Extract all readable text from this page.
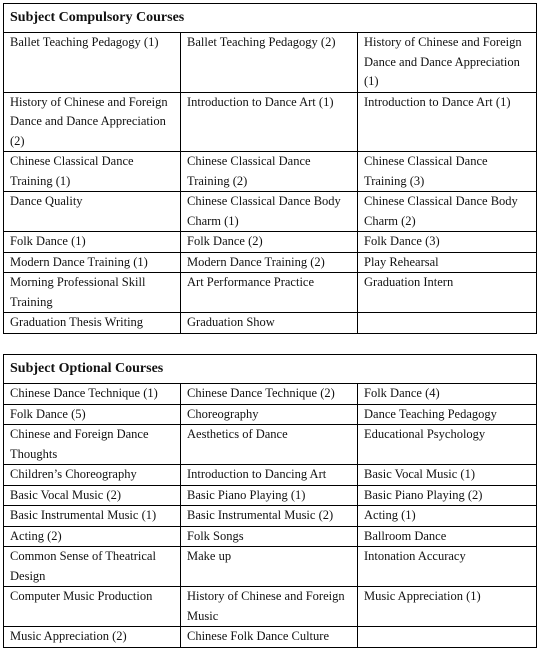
Subject Compulsory Courses		
Ballet Teaching Pedagogy (1)	Ballet Teaching Pedagogy (2)	History of Chinese and Foreign Dance and Dance Appreciation (1)
History of Chinese and Foreign Dance and Dance Appreciation (2)	Introduction to Dance Art (1)	Introduction to Dance Art (1)
Chinese Classical Dance Training (1)	Chinese Classical Dance Training (2)	Chinese Classical Dance Training (3)
Dance Quality	Chinese Classical Dance Body Charm (1)	Chinese Classical Dance Body Charm (2)
Folk Dance (1)	Folk Dance (2)	Folk Dance (3)
Modern Dance Training (1)	Modern Dance Training (2)	Play Rehearsal
Morning Professional Skill Training	Art Performance Practice	Graduation Intern
Graduation Thesis Writing	Graduation Show	
Subject Optional Courses		
Chinese Dance Technique (1)	Chinese Dance Technique (2)	Folk Dance (4)
Folk Dance (5)	Choreography	Dance Teaching Pedagogy
Chinese and Foreign Dance Thoughts	Aesthetics of Dance	Educational Psychology
Children’s Choreography	Introduction to Dancing Art	Basic Vocal Music (1)
Basic Vocal Music (2)	Basic Piano Playing (1)	Basic Piano Playing (2)
Basic Instrumental Music (1)	Basic Instrumental Music (2)	Acting (1)
Acting (2)	Folk Songs	Ballroom Dance
Common Sense of Theatrical Design	Make up	Intonation Accuracy
Computer Music Production	History of Chinese and Foreign Music	Music Appreciation (1)
Music Appreciation (2)	Chinese Folk Dance Culture	
